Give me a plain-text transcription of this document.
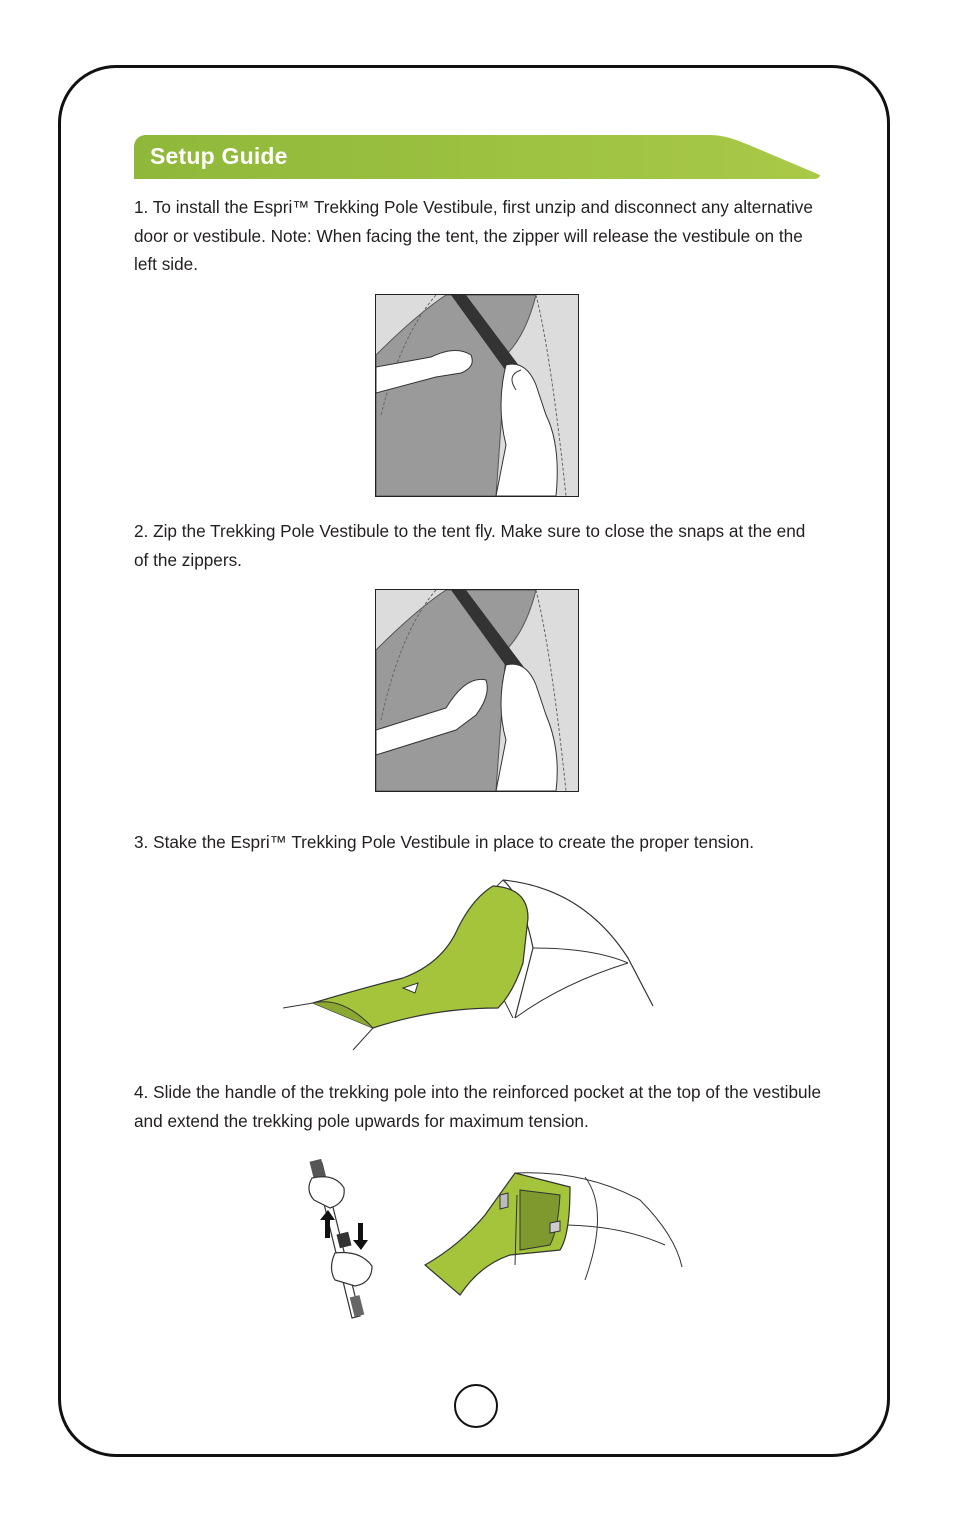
Setup Guide

1. To install the Espri™ Trekking Pole Vestibule, first unzip and disconnect any alternative door or vestibule. Note: When facing the tent, the zipper will release the vestibule on the left side.

2. Zip the Trekking Pole Vestibule to the tent fly. Make sure to close the snaps at the end of the zippers.

3. Stake the Espri™ Trekking Pole Vestibule in place to create the proper tension.

4. Slide the handle of the trekking pole into the reinforced pocket at the top of the vestibule and extend the trekking pole upwards for maximum tension.
